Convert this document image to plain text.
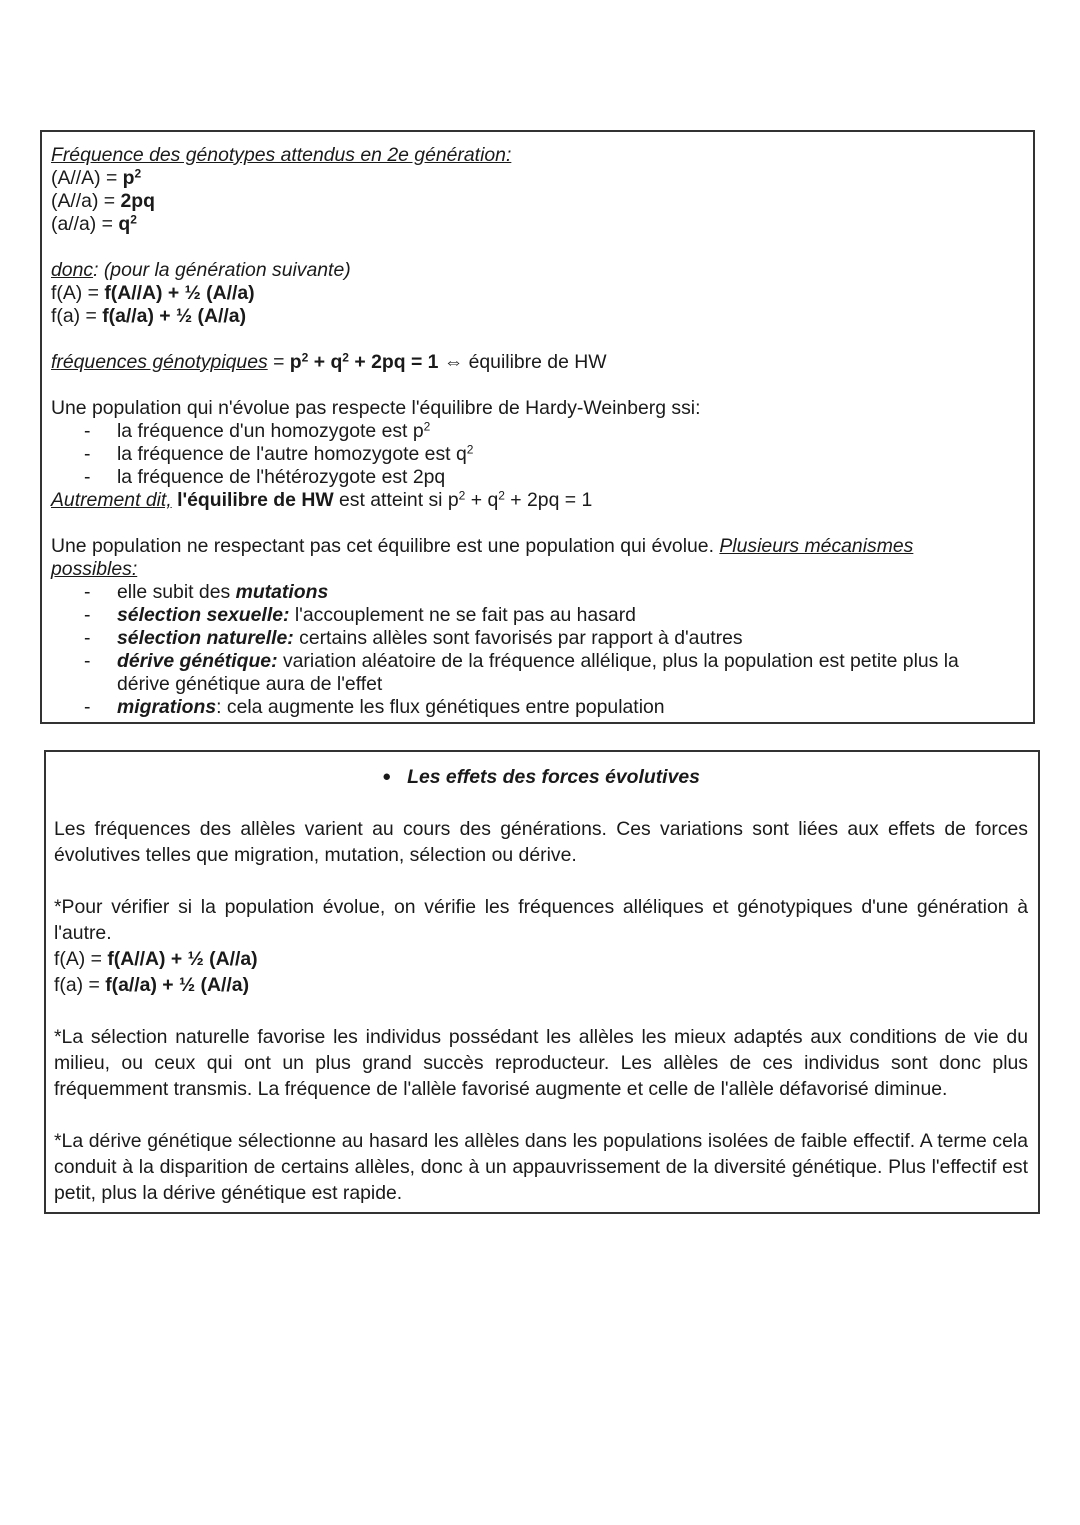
Fréquence des génotypes attendus en 2e génération:
$(A//A) = p^2$
(A//a) = 2pq
$(a//a) = q^2$
donc: (pour la génération suivante)
f(A) = f(A//A) + ½ (A//a)
f(a) = f(a//a) + ½ (A//a)
fréquences génotypiques = $p^2 + q^2 + 2pq = 1$ ⇔ équilibre de HW
Une population qui n'évolue pas respecte l'équilibre de Hardy-Weinberg ssi:
- la fréquence d'un homozygote est $p^2$
- la fréquence de l'autre homozygote est $q^2$
- la fréquence de l'hétérozygote est 2pq
Autrement dit, l'équilibre de HW est atteint si $p^2 + q^2 + 2pq = 1$
Une population ne respectant pas cet équilibre est une population qui évolue. Plusieurs mécanismes possibles:
- elle subit des mutations
- sélection sexuelle: l'accouplement ne se fait pas au hasard
- sélection naturelle: certains allèles sont favorisés par rapport à d'autres
- dérive génétique: variation aléatoire de la fréquence allélique, plus la population est petite plus la dérive génétique aura de l'effet
- migrations: cela augmente les flux génétiques entre population
● Les effets des forces évolutives

Les fréquences des allèles varient au cours des générations. Ces variations sont liées aux effets de forces évolutives telles que migration, mutation, sélection ou dérive.

*Pour vérifier si la population évolue, on vérifie les fréquences alléliques et génotypiques d'une génération à l'autre.

f(A) = f(A//A) + ½ (A//a)
f(a) = f(a//a) + ½ (A//a)

*La sélection naturelle favorise les individus possédant les allèles les mieux adaptés aux conditions de vie du milieu, ou ceux qui ont un plus grand succès reproducteur. Les allèles de ces individus sont donc plus fréquemment transmis. La fréquence de l'allèle favorisé augmente et celle de l'allèle défavorisé diminue.

*La dérive génétique sélectionne au hasard les allèles dans les populations isolées de faible effectif. A terme cela conduit à la disparition de certains allèles, donc à un appauvrissement de la diversité génétique. Plus l'effectif est petit, plus la dérive génétique est rapide.
